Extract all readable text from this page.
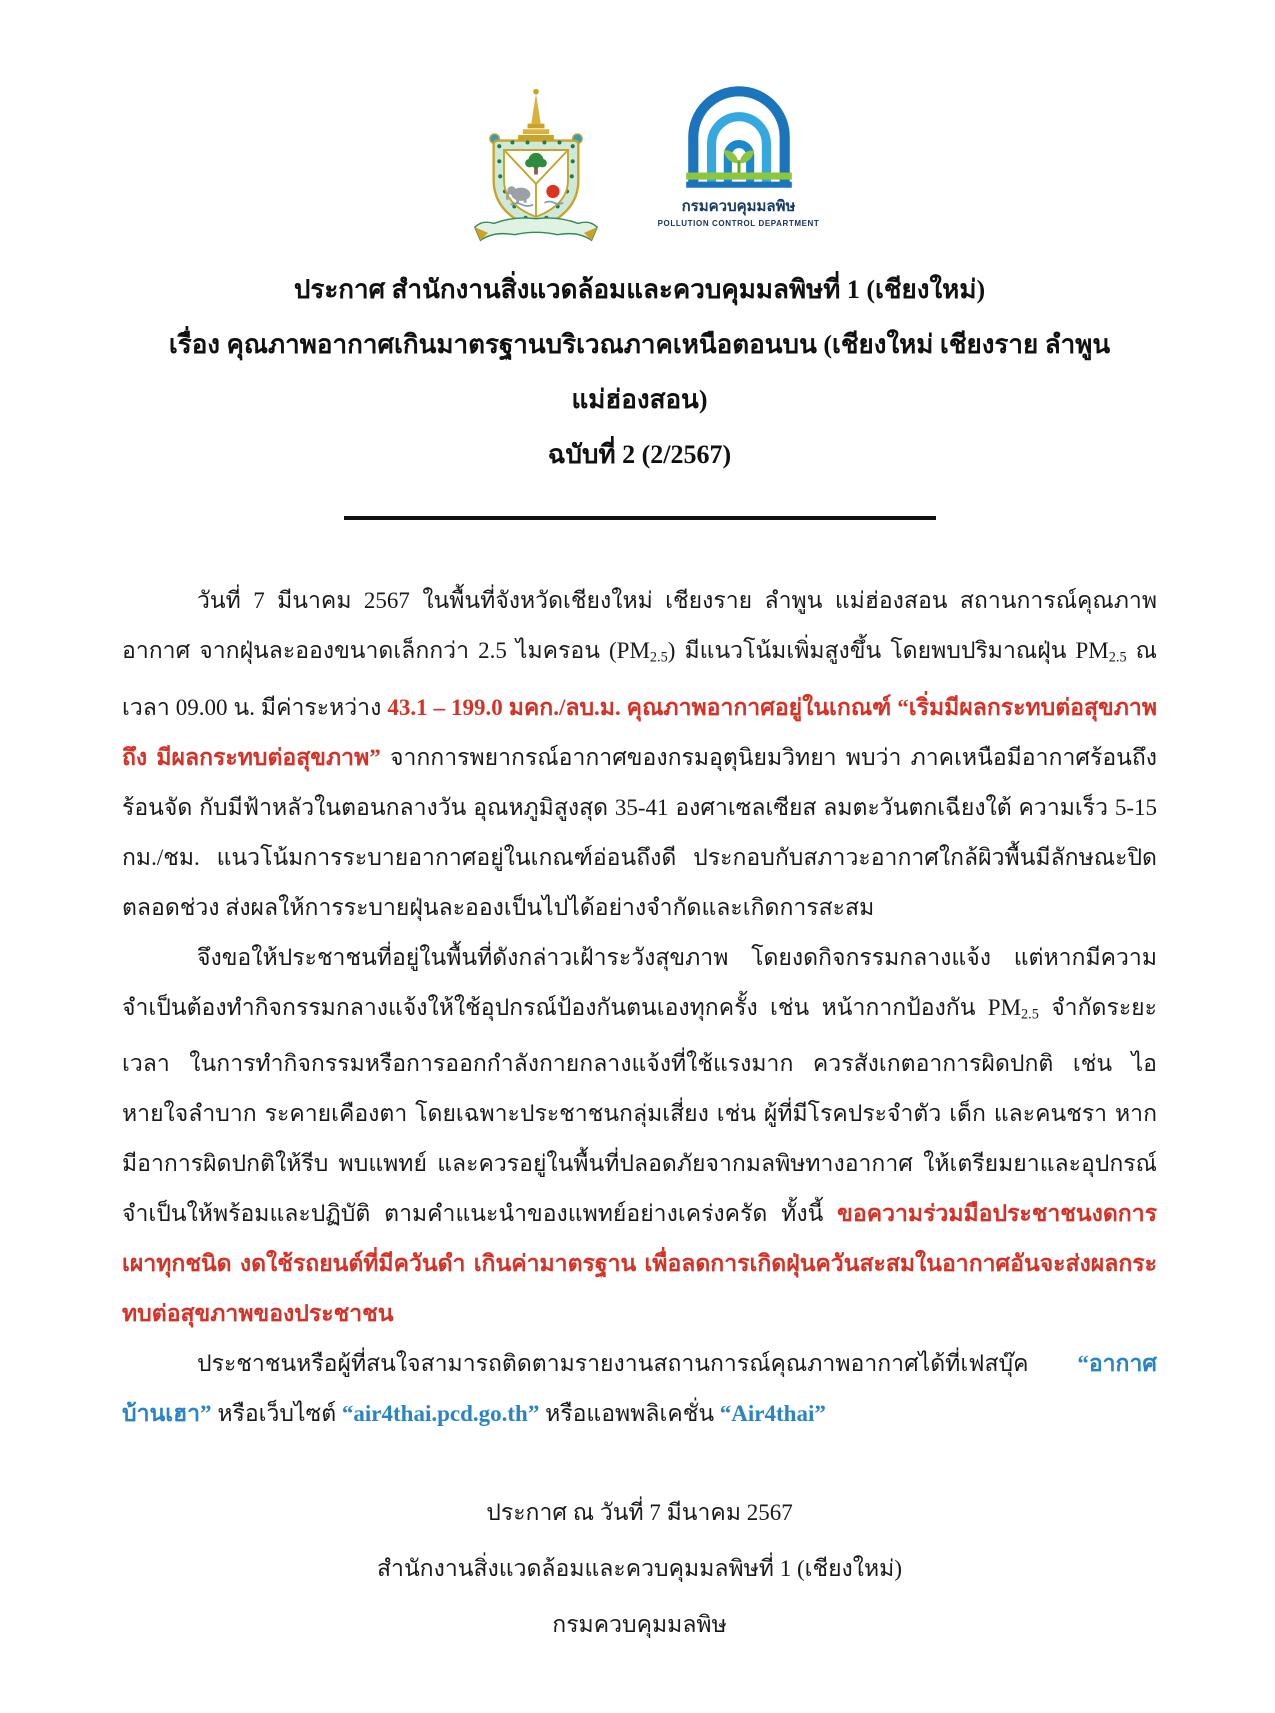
กรมควบคุมมลพิษ
POLLUTION CONTROL DEPARTMENT
ประกาศ สำนักงานสิ่งแวดล้อมและควบคุมมลพิษที่ 1 (เชียงใหม่)
เรื่อง คุณภาพอากาศเกินมาตรฐานบริเวณภาคเหนือตอนบน (เชียงใหม่ เชียงราย ลำพูน แม่ฮ่องสอน)
ฉบับที่ 2 (2/2567)

วันที่ 7 มีนาคม 2567 ในพื้นที่จังหวัดเชียงใหม่ เชียงราย ลำพูน แม่ฮ่องสอน สถานการณ์คุณภาพอากาศ จากฝุ่นละอองขนาดเล็กกว่า 2.5 ไมครอน $(PM_{2.5})$ มีแนวโน้มเพิ่มสูงขึ้น โดยพบปริมาณฝุ่น $PM_{2.5}$ ณ เวลา 09.00 น. มีค่าระหว่าง 43.1 – 199.0 มคก./ลบ.ม. คุณภาพอากาศอยู่ในเกณฑ์ “เริ่มมีผลกระทบต่อสุขภาพ ถึง มีผลกระทบต่อสุขภาพ” จากการพยากรณ์อากาศของกรมอุตุนิยมวิทยา พบว่า ภาคเหนือมีอากาศร้อนถึงร้อนจัด กับมีฟ้าหลัวในตอนกลางวัน อุณหภูมิสูงสุด 35-41 องศาเซลเซียส ลมตะวันตกเฉียงใต้ ความเร็ว 5-15 กม./ชม. แนวโน้มการระบายอากาศอยู่ในเกณฑ์อ่อนถึงดี ประกอบกับสภาวะอากาศใกล้ผิวพื้นมีลักษณะปิดตลอดช่วง ส่งผลให้การระบายฝุ่นละอองเป็นไปได้อย่างจำกัดและเกิดการสะสม

จึงขอให้ประชาชนที่อยู่ในพื้นที่ดังกล่าวเฝ้าระวังสุขภาพ โดยงดกิจกรรมกลางแจ้ง แต่หากมีความ จำเป็นต้องทำกิจกรรมกลางแจ้งให้ใช้อุปกรณ์ป้องกันตนเองทุกครั้ง เช่น หน้ากากป้องกัน $PM_{2.5}$ จำกัดระยะเวลา ในการทำกิจกรรมหรือการออกกำลังกายกลางแจ้งที่ใช้แรงมาก ควรสังเกตอาการผิดปกติ เช่น ไอ หายใจลำบาก ระคายเคืองตา โดยเฉพาะประชาชนกลุ่มเสี่ยง เช่น ผู้ที่มีโรคประจำตัว เด็ก และคนชรา หากมีอาการผิดปกติให้รีบ พบแพทย์ และควรอยู่ในพื้นที่ปลอดภัยจากมลพิษทางอากาศ ให้เตรียมยาและอุปกรณ์จำเป็นให้พร้อมและปฏิบัติ ตามคำแนะนำของแพทย์อย่างเคร่งครัด ทั้งนี้ ขอความร่วมมือประชาชนงดการเผาทุกชนิด งดใช้รถยนต์ที่มีควันดำ เกินค่ามาตรฐาน เพื่อลดการเกิดฝุ่นควันสะสมในอากาศอันจะส่งผลกระทบต่อสุขภาพของประชาชน

ประชาชนหรือผู้ที่สนใจสามารถติดตามรายงานสถานการณ์คุณภาพอากาศได้ที่เฟสบุ๊ค “อากาศบ้านเฮา” หรือเว็บไซต์ “air4thai.pcd.go.th” หรือแอพพลิเคชั่น “Air4thai”

ประกาศ ณ วันที่ 7 มีนาคม 2567
สำนักงานสิ่งแวดล้อมและควบคุมมลพิษที่ 1 (เชียงใหม่)
กรมควบคุมมลพิษ
